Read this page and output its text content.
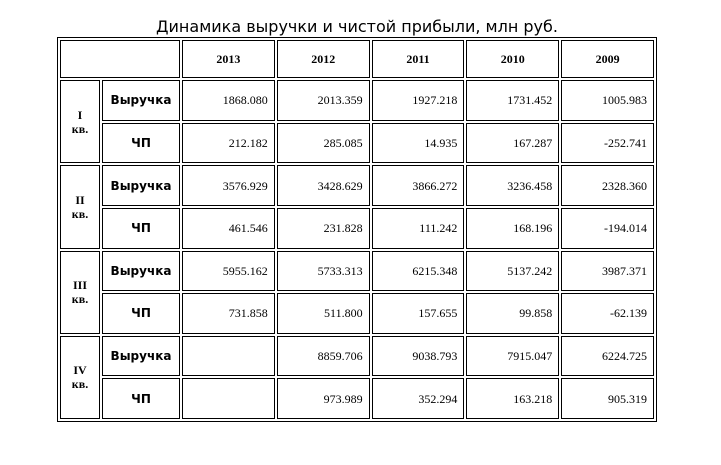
Динамика выручки и чистой прибыли, млн руб.
		2013	2012	2011	2010	2009

I
кв.	Выручка	1868.080	2013.359	1927.218	1731.452	1005.983
	ЧП	212.182	285.085	14.935	167.287	-252.741

II
кв.	Выручка	3576.929	3428.629	3866.272	3236.458	2328.360
	ЧП	461.546	231.828	111.242	168.196	-194.014

III
кв.	Выручка	5955.162	5733.313	6215.348	5137.242	3987.371
	ЧП	731.858	511.800	157.655	99.858	-62.139

IV
кв.	Выручка		8859.706	9038.793	7915.047	6224.725
	ЧП		973.989	352.294	163.218	905.319
